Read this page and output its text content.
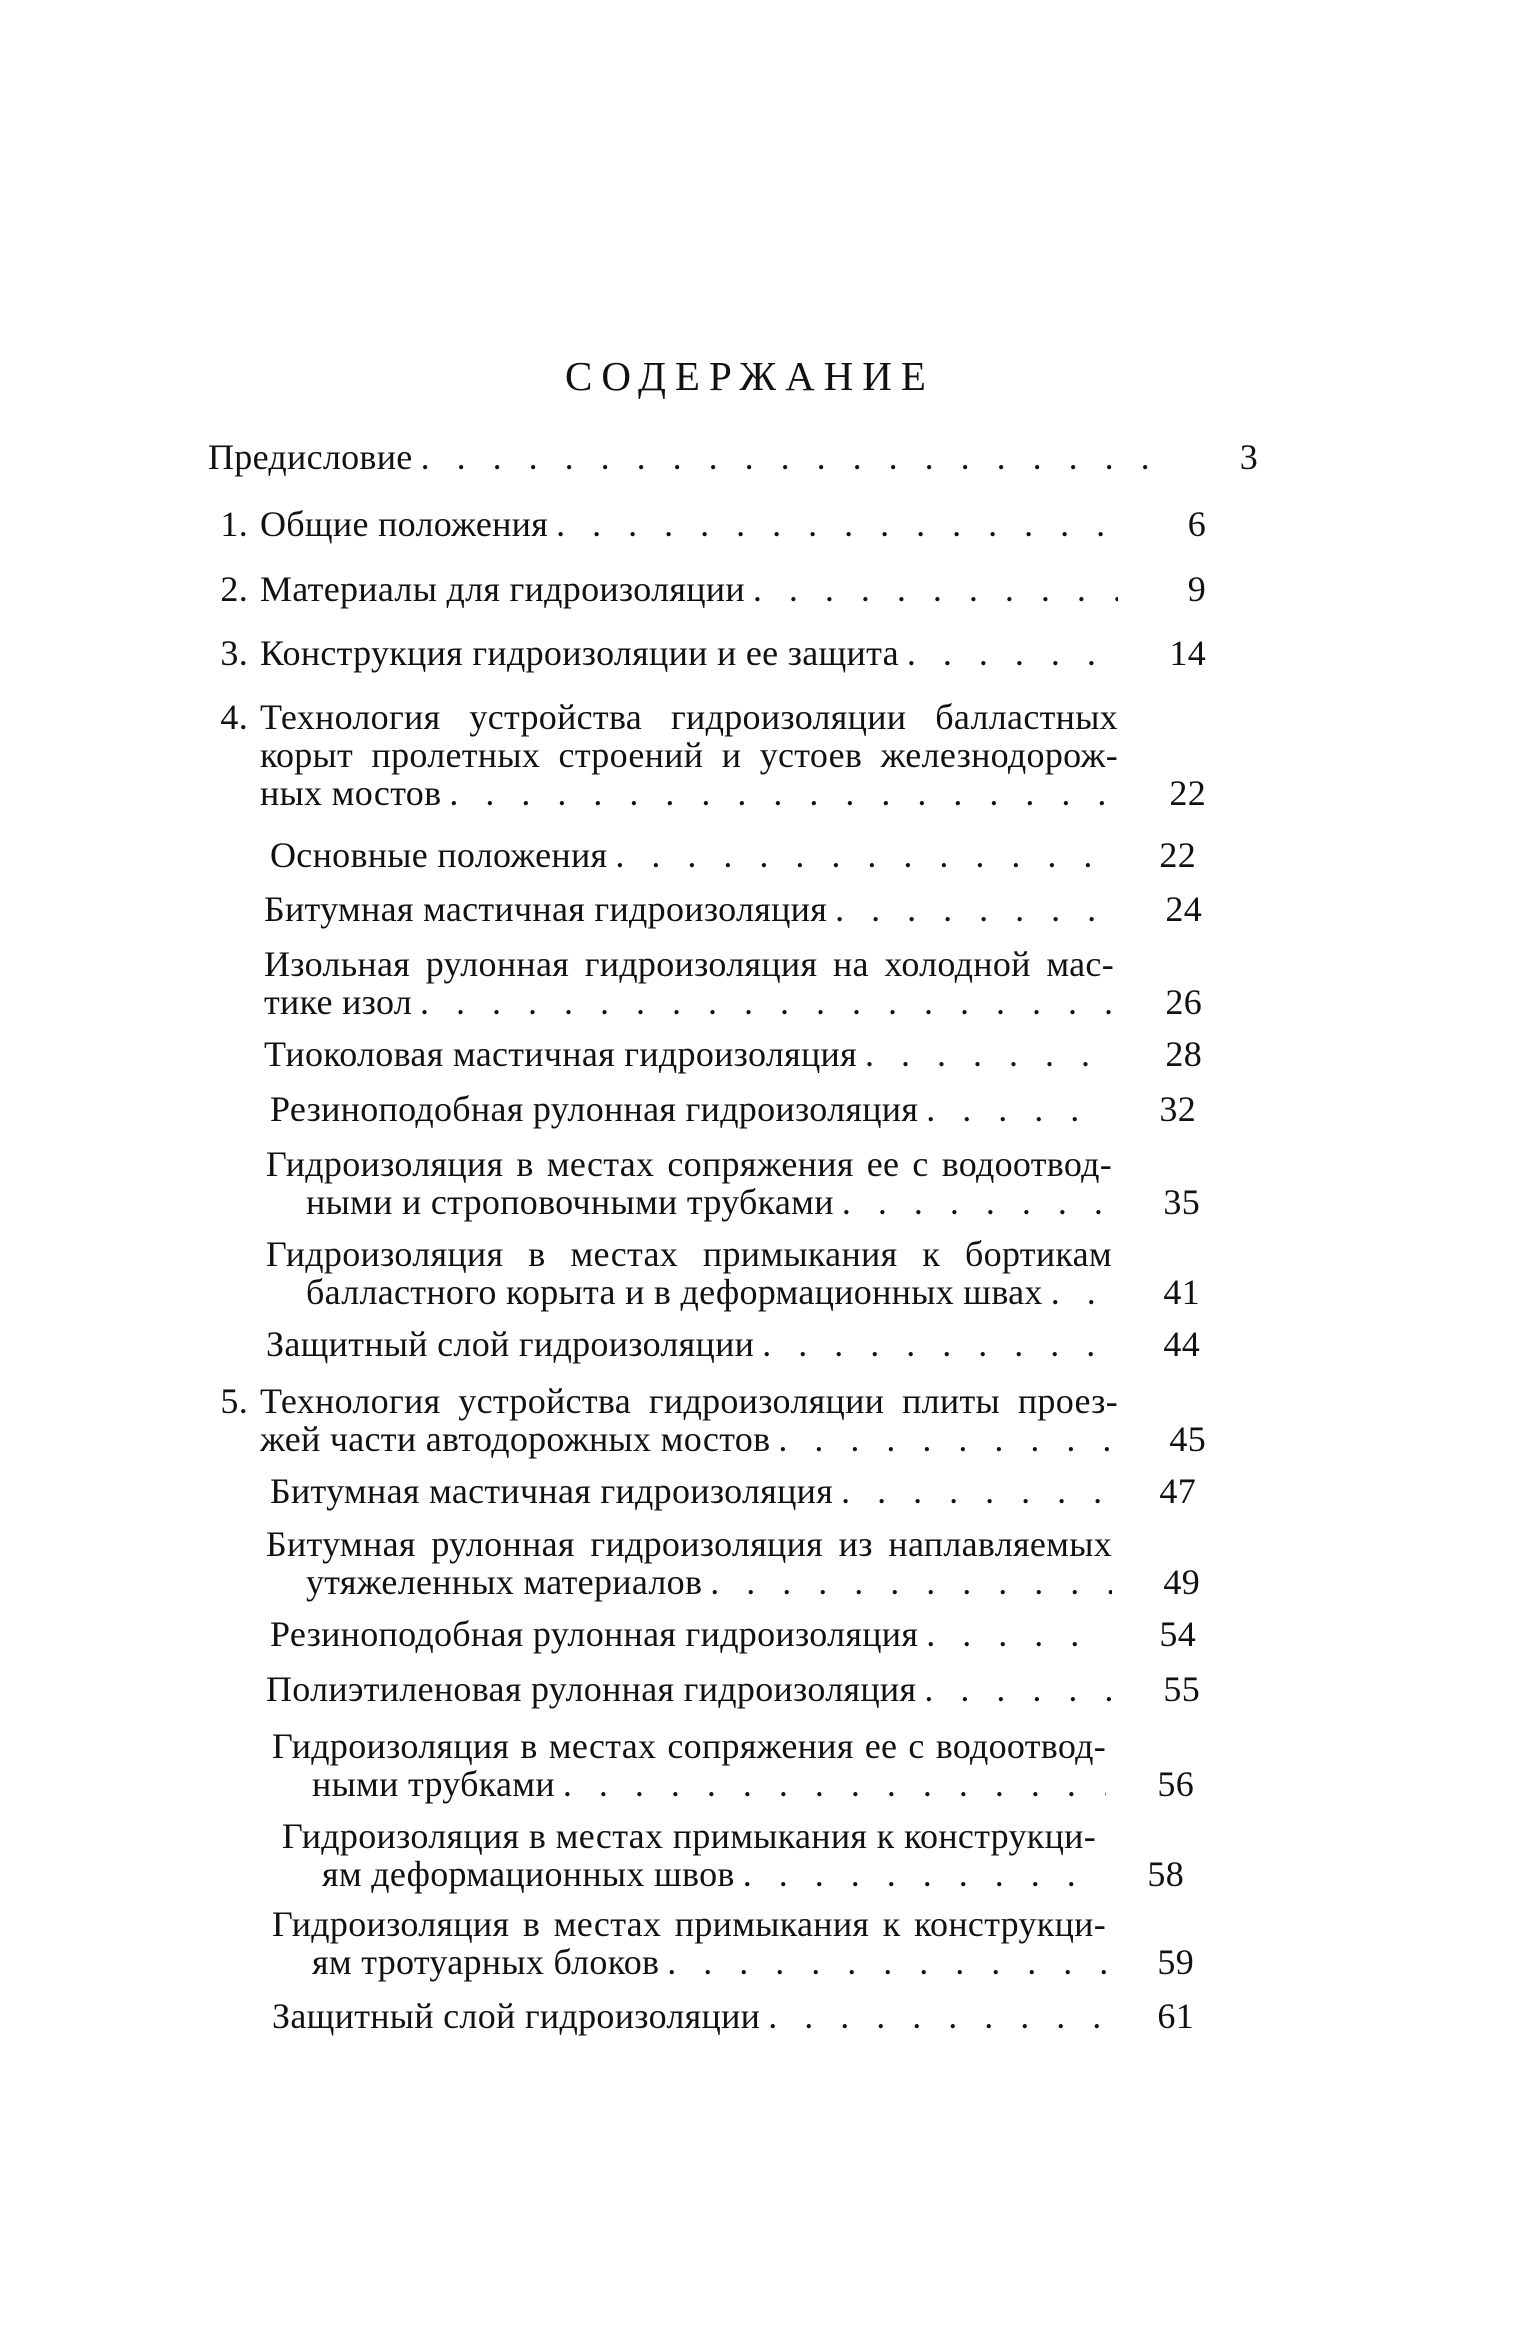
СОДЕРЖАНИЕ
Предисловие . . .	3
1. Общие положения . . .	6
2. Материалы для гидроизоляции . . .	9
3. Конструкция гидроизоляции и ее защита . . .	14
4. Технология устройства гидроизоляции балластных
корыт пролетных строений и устоев железнодорож-
ных мостов . . .	22
Основные положения . . .	22
Битумная мастичная гидроизоляция . . .	24
Изольная рулонная гидроизоляция на холодной мас-
тике изол . . .	26
Тиоколовая мастичная гидроизоляция . . .	28
Резиноподобная рулонная гидроизоляция . . .	32
Гидроизоляция в местах сопряжения ее с водоотвод-
ными и строповочными трубками . . .	35
Гидроизоляция в местах примыкания к бортикам
балластного корыта и в деформационных швах . . .	41
Защитный слой гидроизоляции . . .	44
5. Технология устройства гидроизоляции плиты проез-
жей части автодорожных мостов . . .	45
Битумная мастичная гидроизоляция . . .	47
Битумная рулонная гидроизоляция из наплавляемых
утяжеленных материалов . . .	49
Резиноподобная рулонная гидроизоляция . . .	54
Полиэтиленовая рулонная гидроизоляция . . .	55
Гидроизоляция в местах сопряжения ее с водоотвод-
ными трубками . . .	56
Гидроизоляция в местах примыкания к конструкци-
ям деформационных швов . . .	58
Гидроизоляция в местах примыкания к конструкци-
ям тротуарных блоков . . .	59
Защитный слой гидроизоляции . . .	61
